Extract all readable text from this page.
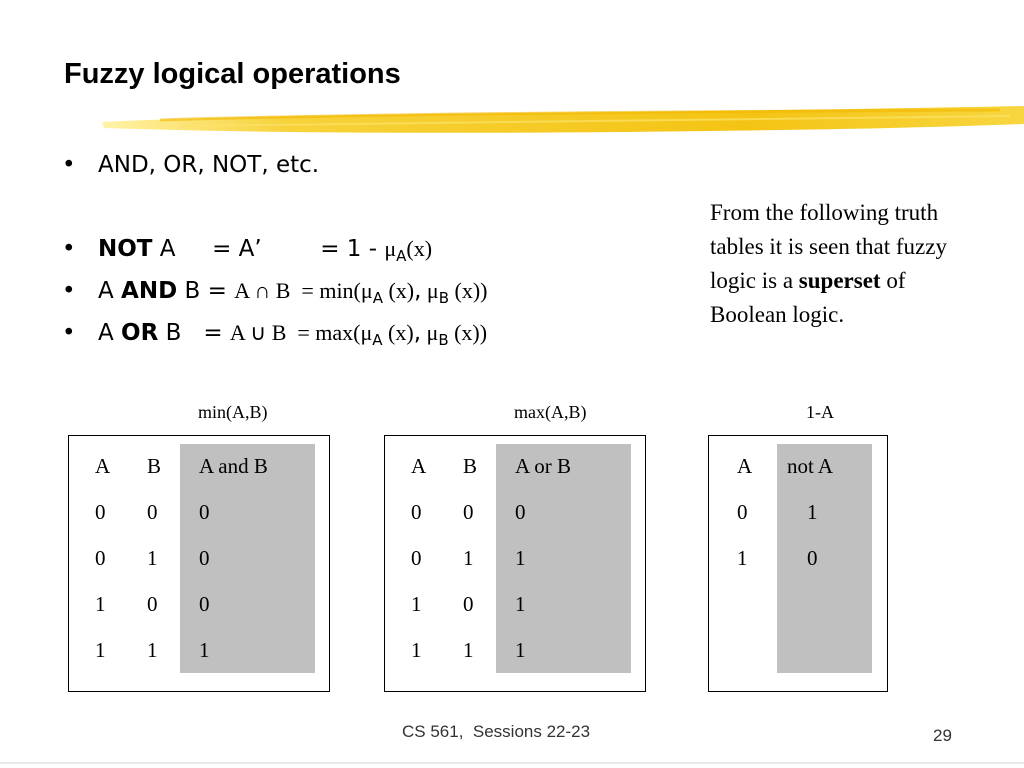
Fuzzy logical operations
• AND, OR, NOT, etc.
• NOT A     = A’        = $1 - \mu_A(x)$
• A AND B = A ∩ $B = \min(\mu_A$ (x), $\mu_B$ (x))
• A OR B   = A ∪ $B = \max(\mu_A$ (x), $\mu_B$ (x))
From the following truth tables it is seen that fuzzy logic is a superset of Boolean logic.
min(A,B)
A B A and B
0 0 0
0 1 0
1 0 0
1 1 1
max(A,B)
A B A or B
0 0 0
0 1 1
1 0 1
1 1 1
1-A
A not A
0	1
1	0
CS 561,  Sessions 22-23	29
